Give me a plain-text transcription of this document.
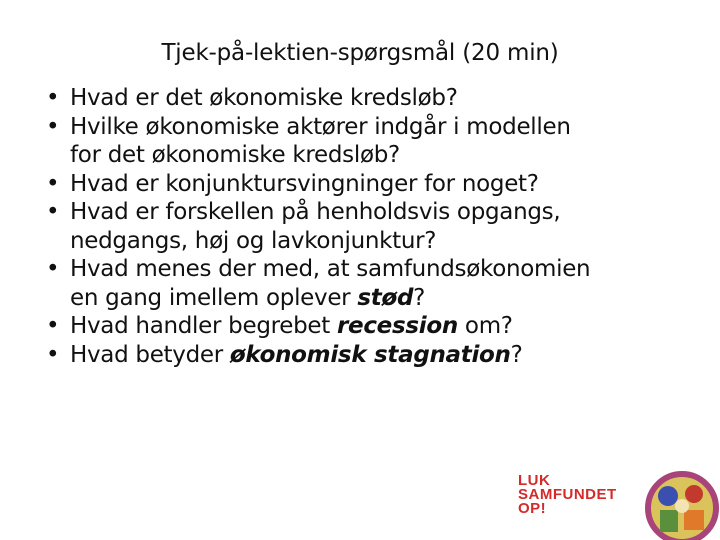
Tjek-på-lektien-spørgsmål (20 min)
• Hvad er det økonomiske kredsløb?
• Hvilke økonomiske aktører indgår i modellen
for det økonomiske kredsløb?
• Hvad er konjunktursvingninger for noget?
• Hvad er forskellen på henholdsvis opgangs,
nedgangs, høj og lavkonjunktur?
• Hvad menes der med, at samfundsøkonomien
en gang imellem oplever stød?
• Hvad handler begrebet recession om?
• Hvad betyder økonomisk stagnation?
LUK
SAMFUNDET
OP!
